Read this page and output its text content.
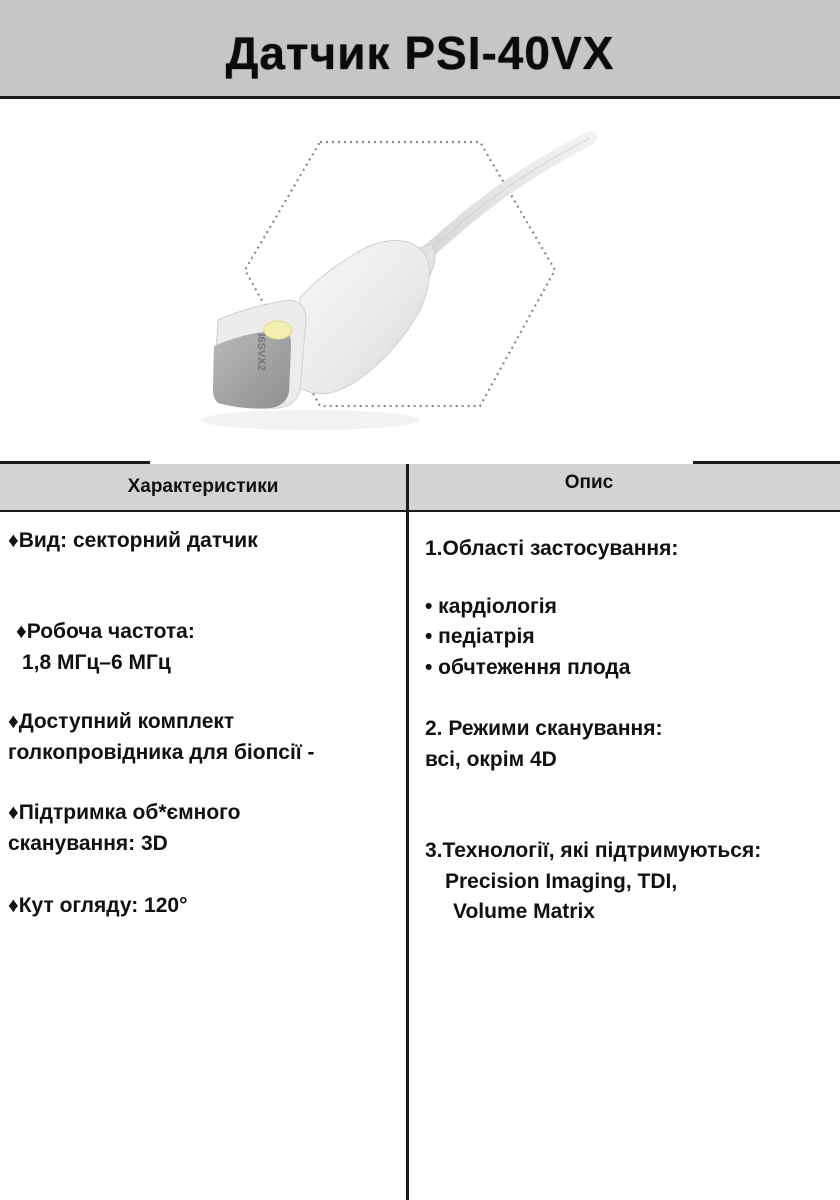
Датчик PSI-40VX
I6SVX2
Характеристики	Опис
♦Вид: секторний датчик
♦Робоча частота:
1,8 МГц–6 МГц
♦Доступний комплект
голкопровідника для біопсії -
♦Підтримка об*ємного
сканування: 3D
♦Кут огляду: 120°
1.Області застосування:
• кардіологія
• педіатрія
• обчтеження плода
2. Режими сканування:
всі, окрім 4D
3.Технології, які підтримуються:
Precision Imaging, TDI,
Volume Matrix
